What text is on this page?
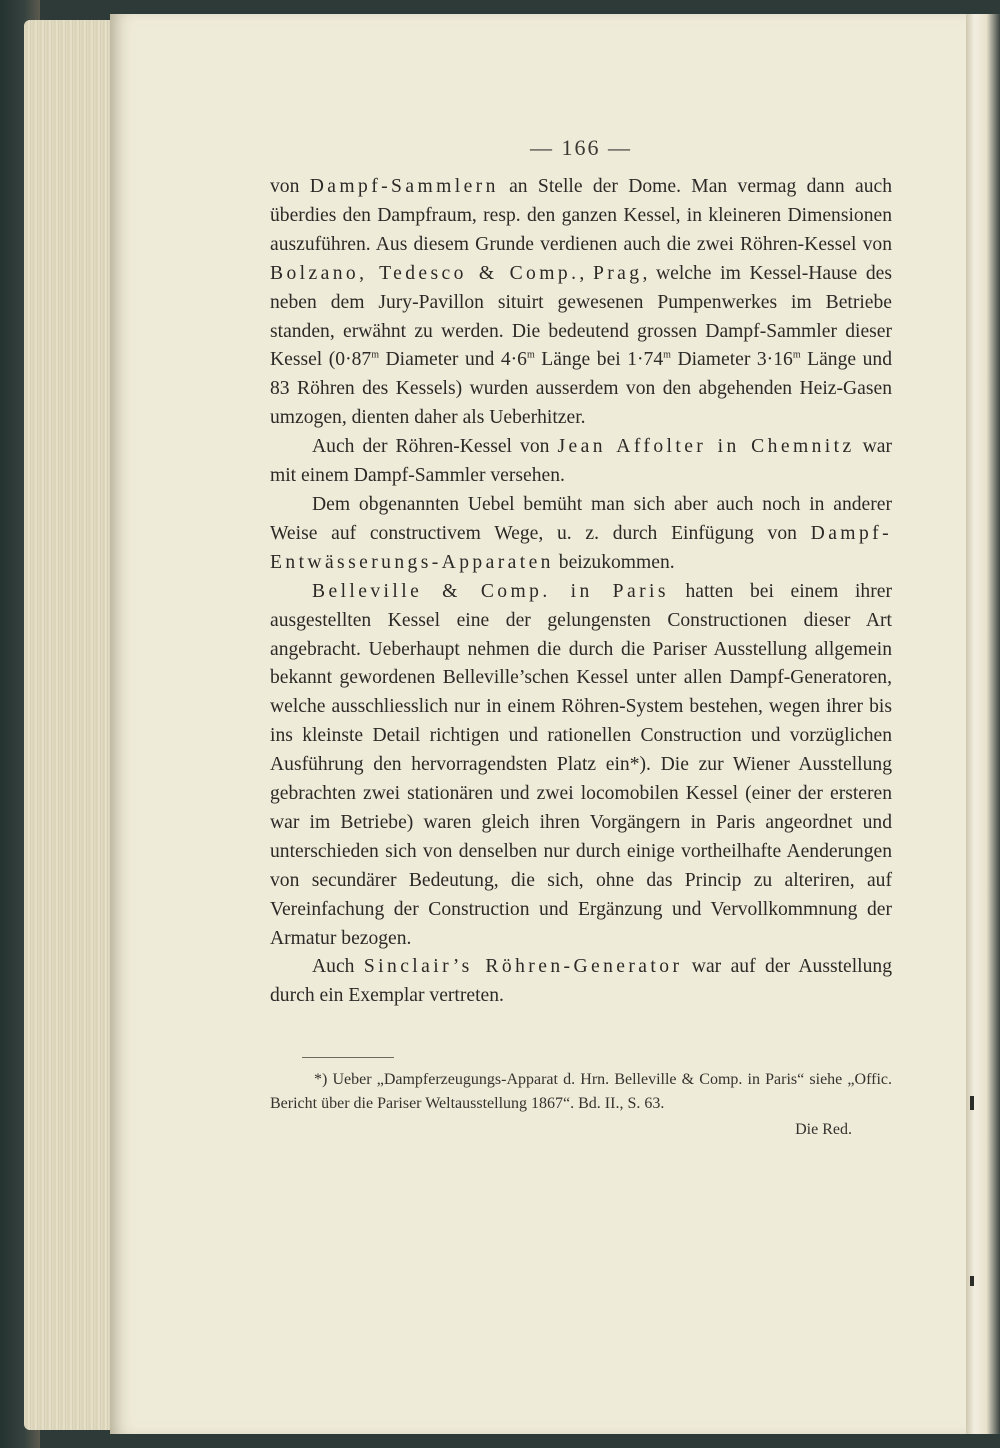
— 166 —

von Dampf-Sammlern an Stelle der Dome. Man vermag dann auch überdies den Dampfraum, resp. den ganzen Kessel, in kleineren Dimensionen auszuführen. Aus diesem Grunde verdienen auch die zwei Röhren-Kessel von Bolzano, Tedesco & Comp., Prag, welche im Kessel-Hause des neben dem Jury-Pavillon situirt gewesenen Pumpenwerkes im Betriebe standen, erwähnt zu werden. Die bedeutend grossen Dampf-Sammler dieser Kessel ($0\cdot 87^m$ Diameter und $4\cdot 6^m$ Länge bei $1\cdot 74^m$ Diameter $3\cdot 16^m$ Länge und 83 Röhren des Kessels) wurden ausserdem von den abgehenden Heiz-Gasen umzogen, dienten daher als Ueberhitzer.

Auch der Röhren-Kessel von Jean Affolter in Chemnitz war mit einem Dampf-Sammler versehen.

Dem obgenannten Uebel bemüht man sich aber auch noch in anderer Weise auf constructivem Wege, u. z. durch Einfügung von Dampf-Entwässerungs-Apparaten beizukommen.

Belleville & Comp. in Paris hatten bei einem ihrer ausgestellten Kessel eine der gelungensten Constructionen dieser Art angebracht. Ueberhaupt nehmen die durch die Pariser Ausstellung allgemein bekannt gewordenen Belleville’schen Kessel unter allen Dampf-Generatoren, welche ausschliesslich nur in einem Röhren-System bestehen, wegen ihrer bis ins kleinste Detail richtigen und rationellen Construction und vorzüglichen Ausführung den hervorragendsten Platz ein*). Die zur Wiener Ausstellung gebrachten zwei stationären und zwei locomobilen Kessel (einer der ersteren war im Betriebe) waren gleich ihren Vorgängern in Paris angeordnet und unterschieden sich von denselben nur durch einige vortheilhafte Aenderungen von secundärer Bedeutung, die sich, ohne das Princip zu alteriren, auf Vereinfachung der Construction und Ergänzung und Vervollkommnung der Armatur bezogen.

Auch Sinclair’s Röhren-Generator war auf der Ausstellung durch ein Exemplar vertreten.

*) Ueber „Dampferzeugungs-Apparat d. Hrn. Belleville & Comp. in Paris“ siehe „Offic. Bericht über die Pariser Weltausstellung 1867“. Bd. II., S. 63.

Die Red.
